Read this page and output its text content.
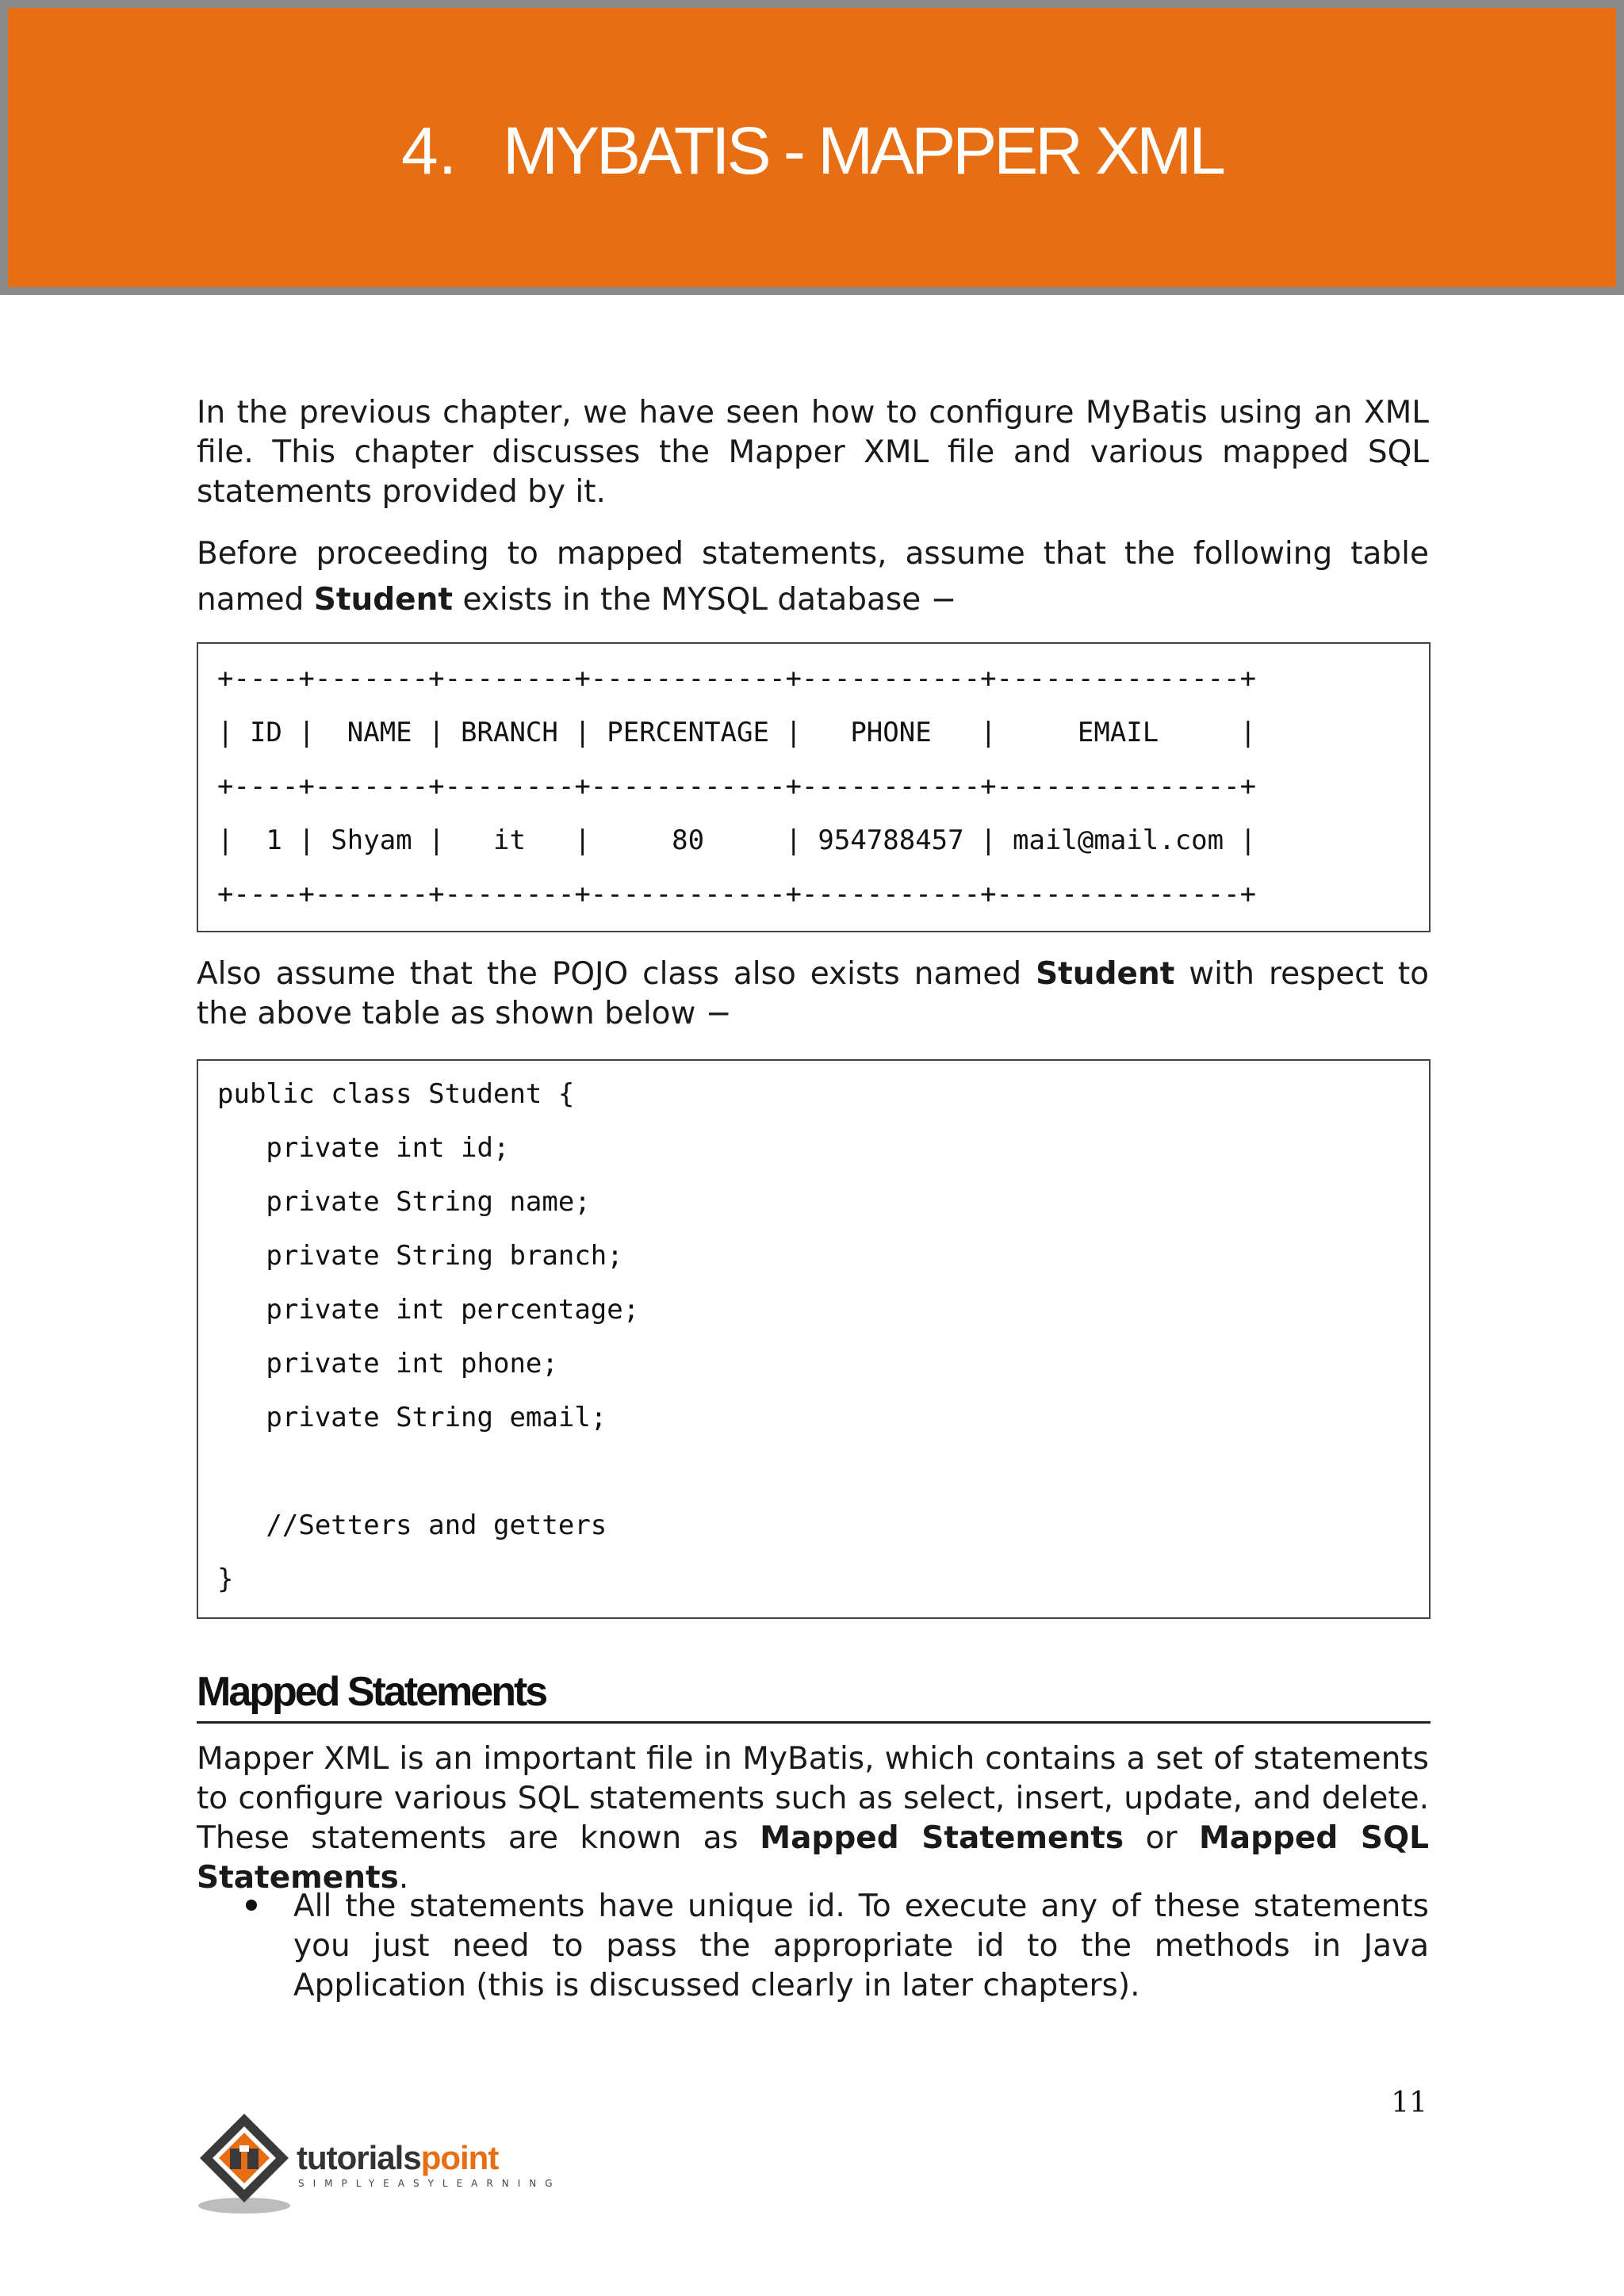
4. MYBATIS - MAPPER XML

In the previous chapter, we have seen how to configure MyBatis using an XML file. This chapter discusses the Mapper XML file and various mapped SQL statements provided by it.

Before proceeding to mapped statements, assume that the following table named Student exists in the MYSQL database −

+----+-------+--------+------------+-----------+---------------+
| ID |  NAME | BRANCH | PERCENTAGE |   PHONE   |     EMAIL     |
+----+-------+--------+------------+-----------+---------------+
|  1 | Shyam |   it   |     80     | 954788457 | mail@mail.com |
+----+-------+--------+------------+-----------+---------------+

Also assume that the POJO class also exists named Student with respect to the above table as shown below −

public class Student {
private int id;
private String name;
private String branch;
private int percentage;
private int phone;
private String email;
//Setters and getters
}
Mapped Statements

Mapper XML is an important file in MyBatis, which contains a set of statements to configure various SQL statements such as select, insert, update, and delete. These statements are known as Mapped Statements or Mapped SQL Statements.

All the statements have unique id. To execute any of these statements you just need to pass the appropriate id to the methods in Java Application (this is discussed clearly in later chapters).

11
tutorialspoint
SIMPLYEASYLEARNING
